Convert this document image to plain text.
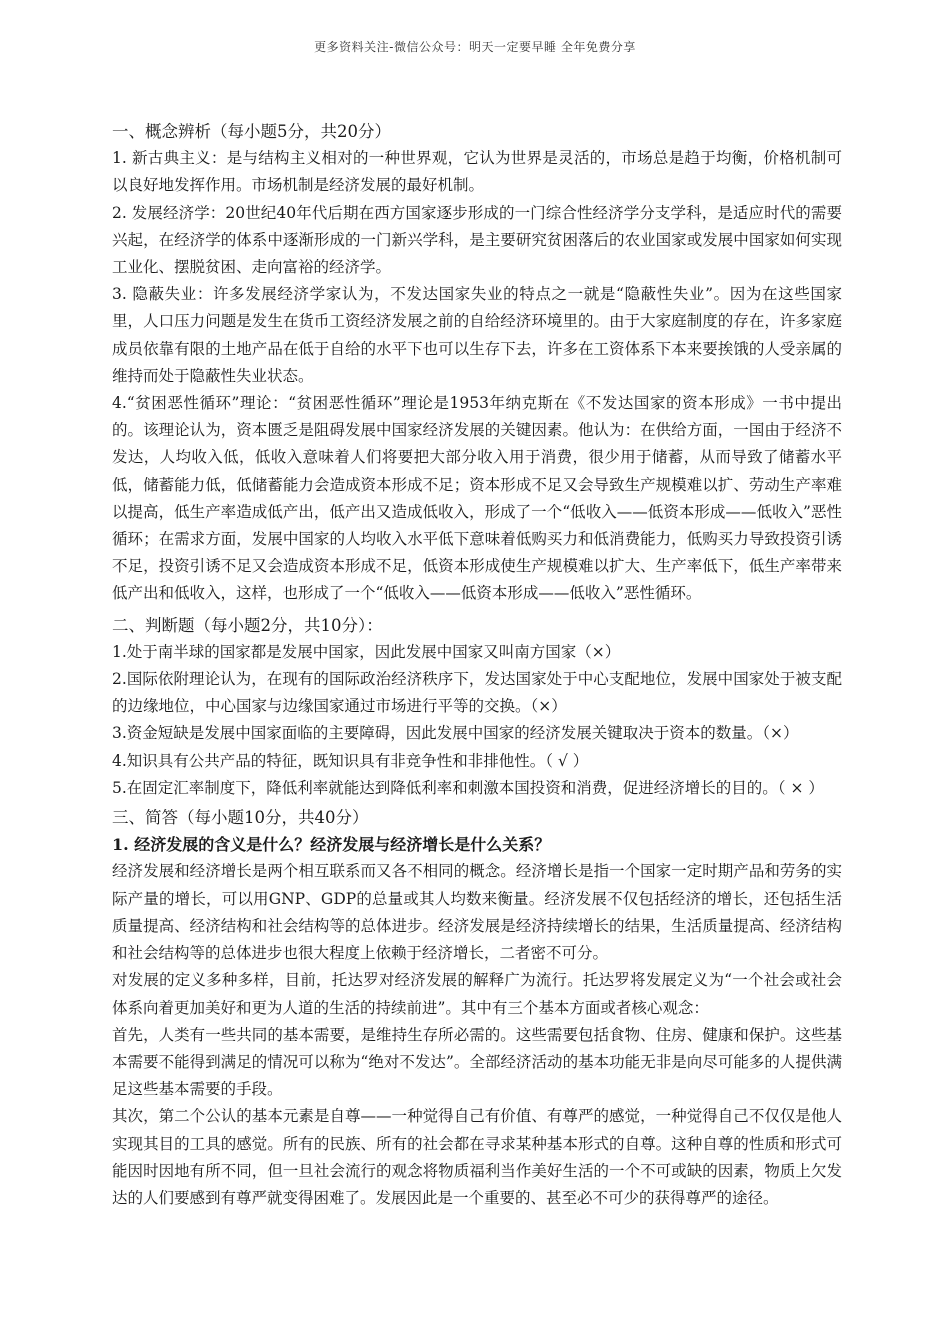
更多资料关注-微信公众号：明天一定要早睡 全年免费分享

一、概念辨析（每小题5分，共20分）

1. 新古典主义：是与结构主义相对的一种世界观，它认为世界是灵活的，市场总是趋于均衡，价格机制可以良好地发挥作用。市场机制是经济发展的最好机制。

2. 发展经济学：20世纪40年代后期在西方国家逐步形成的一门综合性经济学分支学科，是适应时代的需要兴起，在经济学的体系中逐渐形成的一门新兴学科，是主要研究贫困落后的农业国家或发展中国家如何实现工业化、摆脱贫困、走向富裕的经济学。

3. 隐蔽失业：许多发展经济学家认为，不发达国家失业的特点之一就是“隐蔽性失业”。因为在这些国家里，人口压力问题是发生在货币工资经济发展之前的自给经济环境里的。由于大家庭制度的存在，许多家庭成员依靠有限的土地产品在低于自给的水平下也可以生存下去，许多在工资体系下本来要挨饿的人受亲属的维持而处于隐蔽性失业状态。

4.“贫困恶性循环”理论：“贫困恶性循环”理论是1953年纳克斯在《不发达国家的资本形成》一书中提出的。该理论认为，资本匮乏是阻碍发展中国家经济发展的关键因素。他认为：在供给方面，一国由于经济不发达，人均收入低，低收入意味着人们将要把大部分收入用于消费，很少用于储蓄，从而导致了储蓄水平低，储蓄能力低，低储蓄能力会造成资本形成不足；资本形成不足又会导致生产规模难以扩、劳动生产率难以提高，低生产率造成低产出，低产出又造成低收入，形成了一个“低收入——低资本形成——低收入”恶性循环；在需求方面，发展中国家的人均收入水平低下意味着低购买力和低消费能力，低购买力导致投资引诱不足，投资引诱不足又会造成资本形成不足，低资本形成使生产规模难以扩大、生产率低下，低生产率带来低产出和低收入，这样，也形成了一个“低收入——低资本形成——低收入”恶性循环。

二、判断题（每小题2分，共10分）：

1.处于南半球的国家都是发展中国家，因此发展中国家又叫南方国家（×）

2.国际依附理论认为，在现有的国际政治经济秩序下，发达国家处于中心支配地位，发展中国家处于被支配的边缘地位，中心国家与边缘国家通过市场进行平等的交换。（×）

3.资金短缺是发展中国家面临的主要障碍，因此发展中国家的经济发展关键取决于资本的数量。（×）

4.知识具有公共产品的特征，既知识具有非竞争性和非排他性。（ √ ）

5.在固定汇率制度下，降低利率就能达到降低利率和刺激本国投资和消费，促进经济增长的目的。（ × ）

三、简答（每小题10分，共40分）

1. 经济发展的含义是什么？经济发展与经济增长是什么关系？

经济发展和经济增长是两个相互联系而又各不相同的概念。经济增长是指一个国家一定时期产品和劳务的实际产量的增长，可以用GNP、GDP的总量或其人均数来衡量。经济发展不仅包括经济的增长，还包括生活质量提高、经济结构和社会结构等的总体进步。经济发展是经济持续增长的结果，生活质量提高、经济结构和社会结构等的总体进步也很大程度上依赖于经济增长，二者密不可分。

对发展的定义多种多样，目前，托达罗对经济发展的解释广为流行。托达罗将发展定义为“一个社会或社会体系向着更加美好和更为人道的生活的持续前进”。其中有三个基本方面或者核心观念：

首先，人类有一些共同的基本需要，是维持生存所必需的。这些需要包括食物、住房、健康和保护。这些基本需要不能得到满足的情况可以称为“绝对不发达”。全部经济活动的基本功能无非是向尽可能多的人提供满足这些基本需要的手段。

其次，第二个公认的基本元素是自尊——一种觉得自己有价值、有尊严的感觉，一种觉得自己不仅仅是他人实现其目的工具的感觉。所有的民族、所有的社会都在寻求某种基本形式的自尊。这种自尊的性质和形式可能因时因地有所不同，但一旦社会流行的观念将物质福利当作美好生活的一个不可或缺的因素，物质上欠发达的人们要感到有尊严就变得困难了。发展因此是一个重要的、甚至必不可少的获得尊严的途径。
